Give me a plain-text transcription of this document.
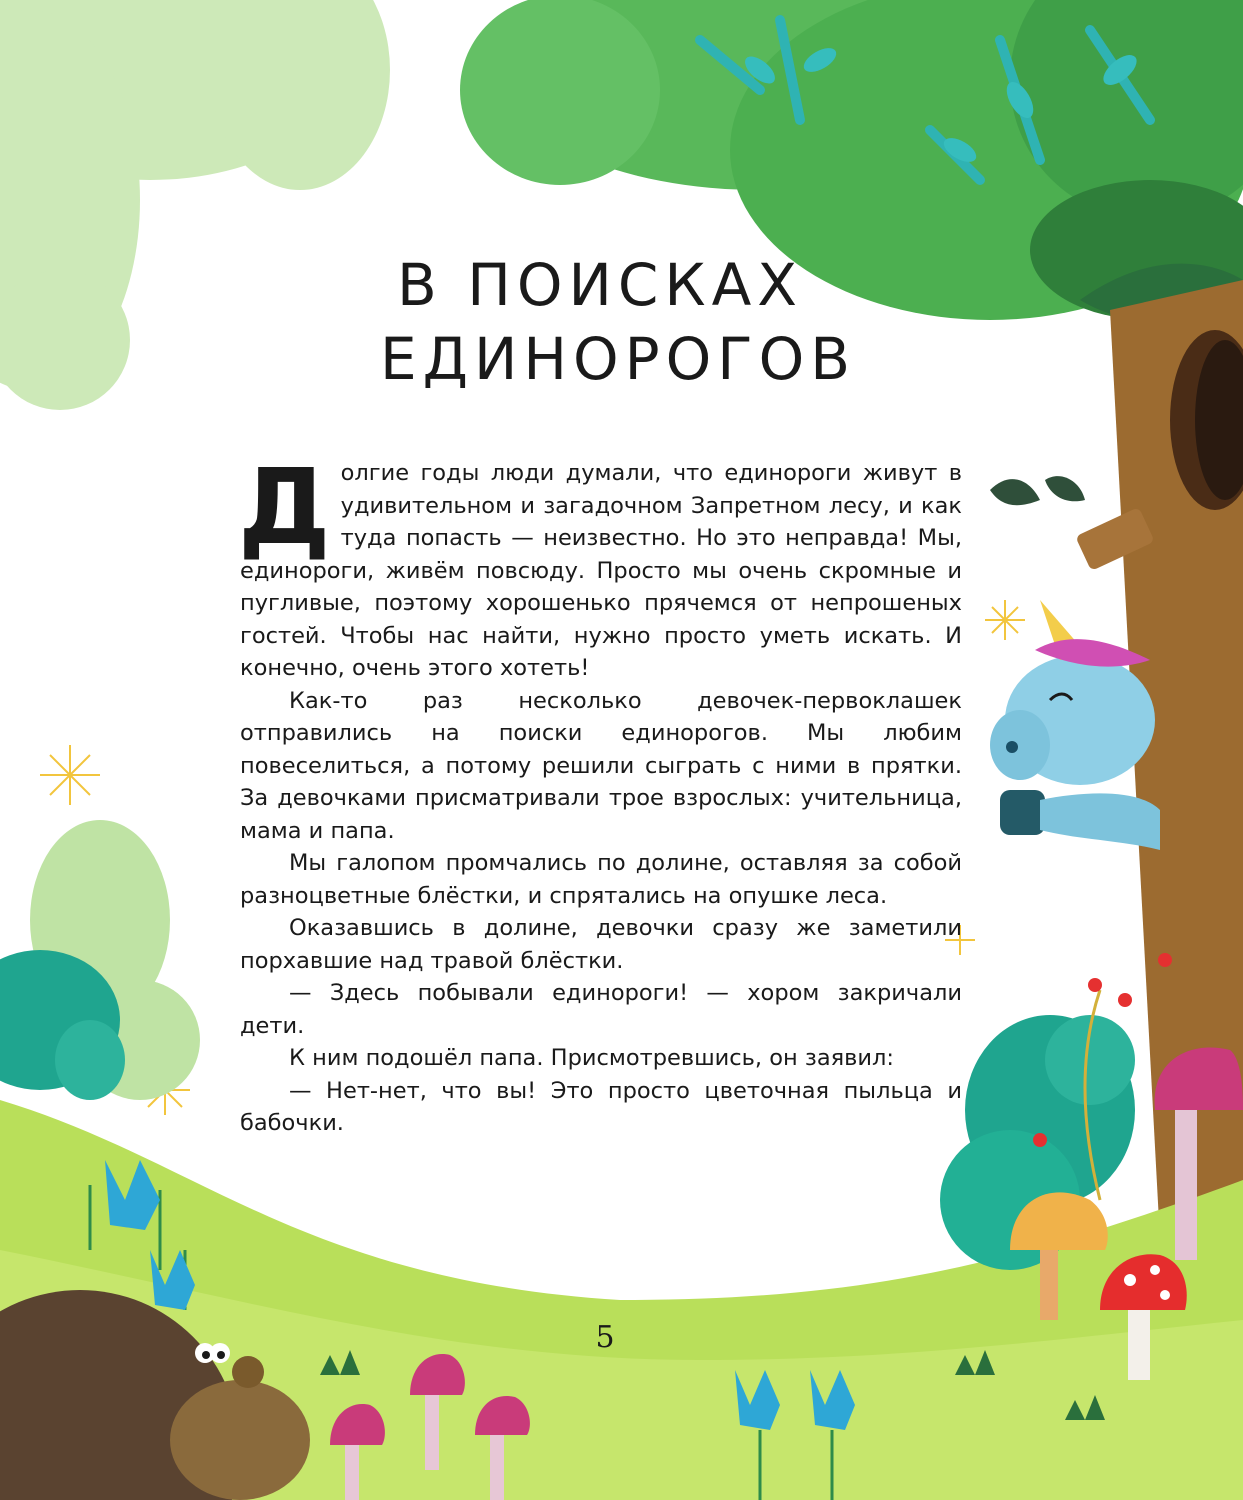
В ПОИСКАХ
ЕДИНОРОГОВ

Долгие годы люди думали, что единороги живут в удивительном и загадочном Запретном лесу, и как туда попасть — неизвестно. Но это неправда! Мы, единороги, живём повсюду. Просто мы очень скромные и пугливые, поэтому хорошенько прячемся от непрошеных гостей. Чтобы нас найти, нужно просто уметь искать. И конечно, очень этого хотеть!

Как-то раз несколько девочек-первоклашек отправились на поиски единорогов. Мы любим повеселиться, а потому решили сыграть с ними в прятки. За девочками присматривали трое взрослых: учительница, мама и папа.

Мы галопом промчались по долине, оставляя за собой разноцветные блёстки, и спрятались на опушке леса.

Оказавшись в долине, девочки сразу же заметили порхавшие над травой блёстки.

— Здесь побывали единороги! — хором закричали дети.

К ним подошёл папа. Присмотревшись, он заявил:

— Нет-нет, что вы! Это просто цветочная пыльца и бабочки.

5
